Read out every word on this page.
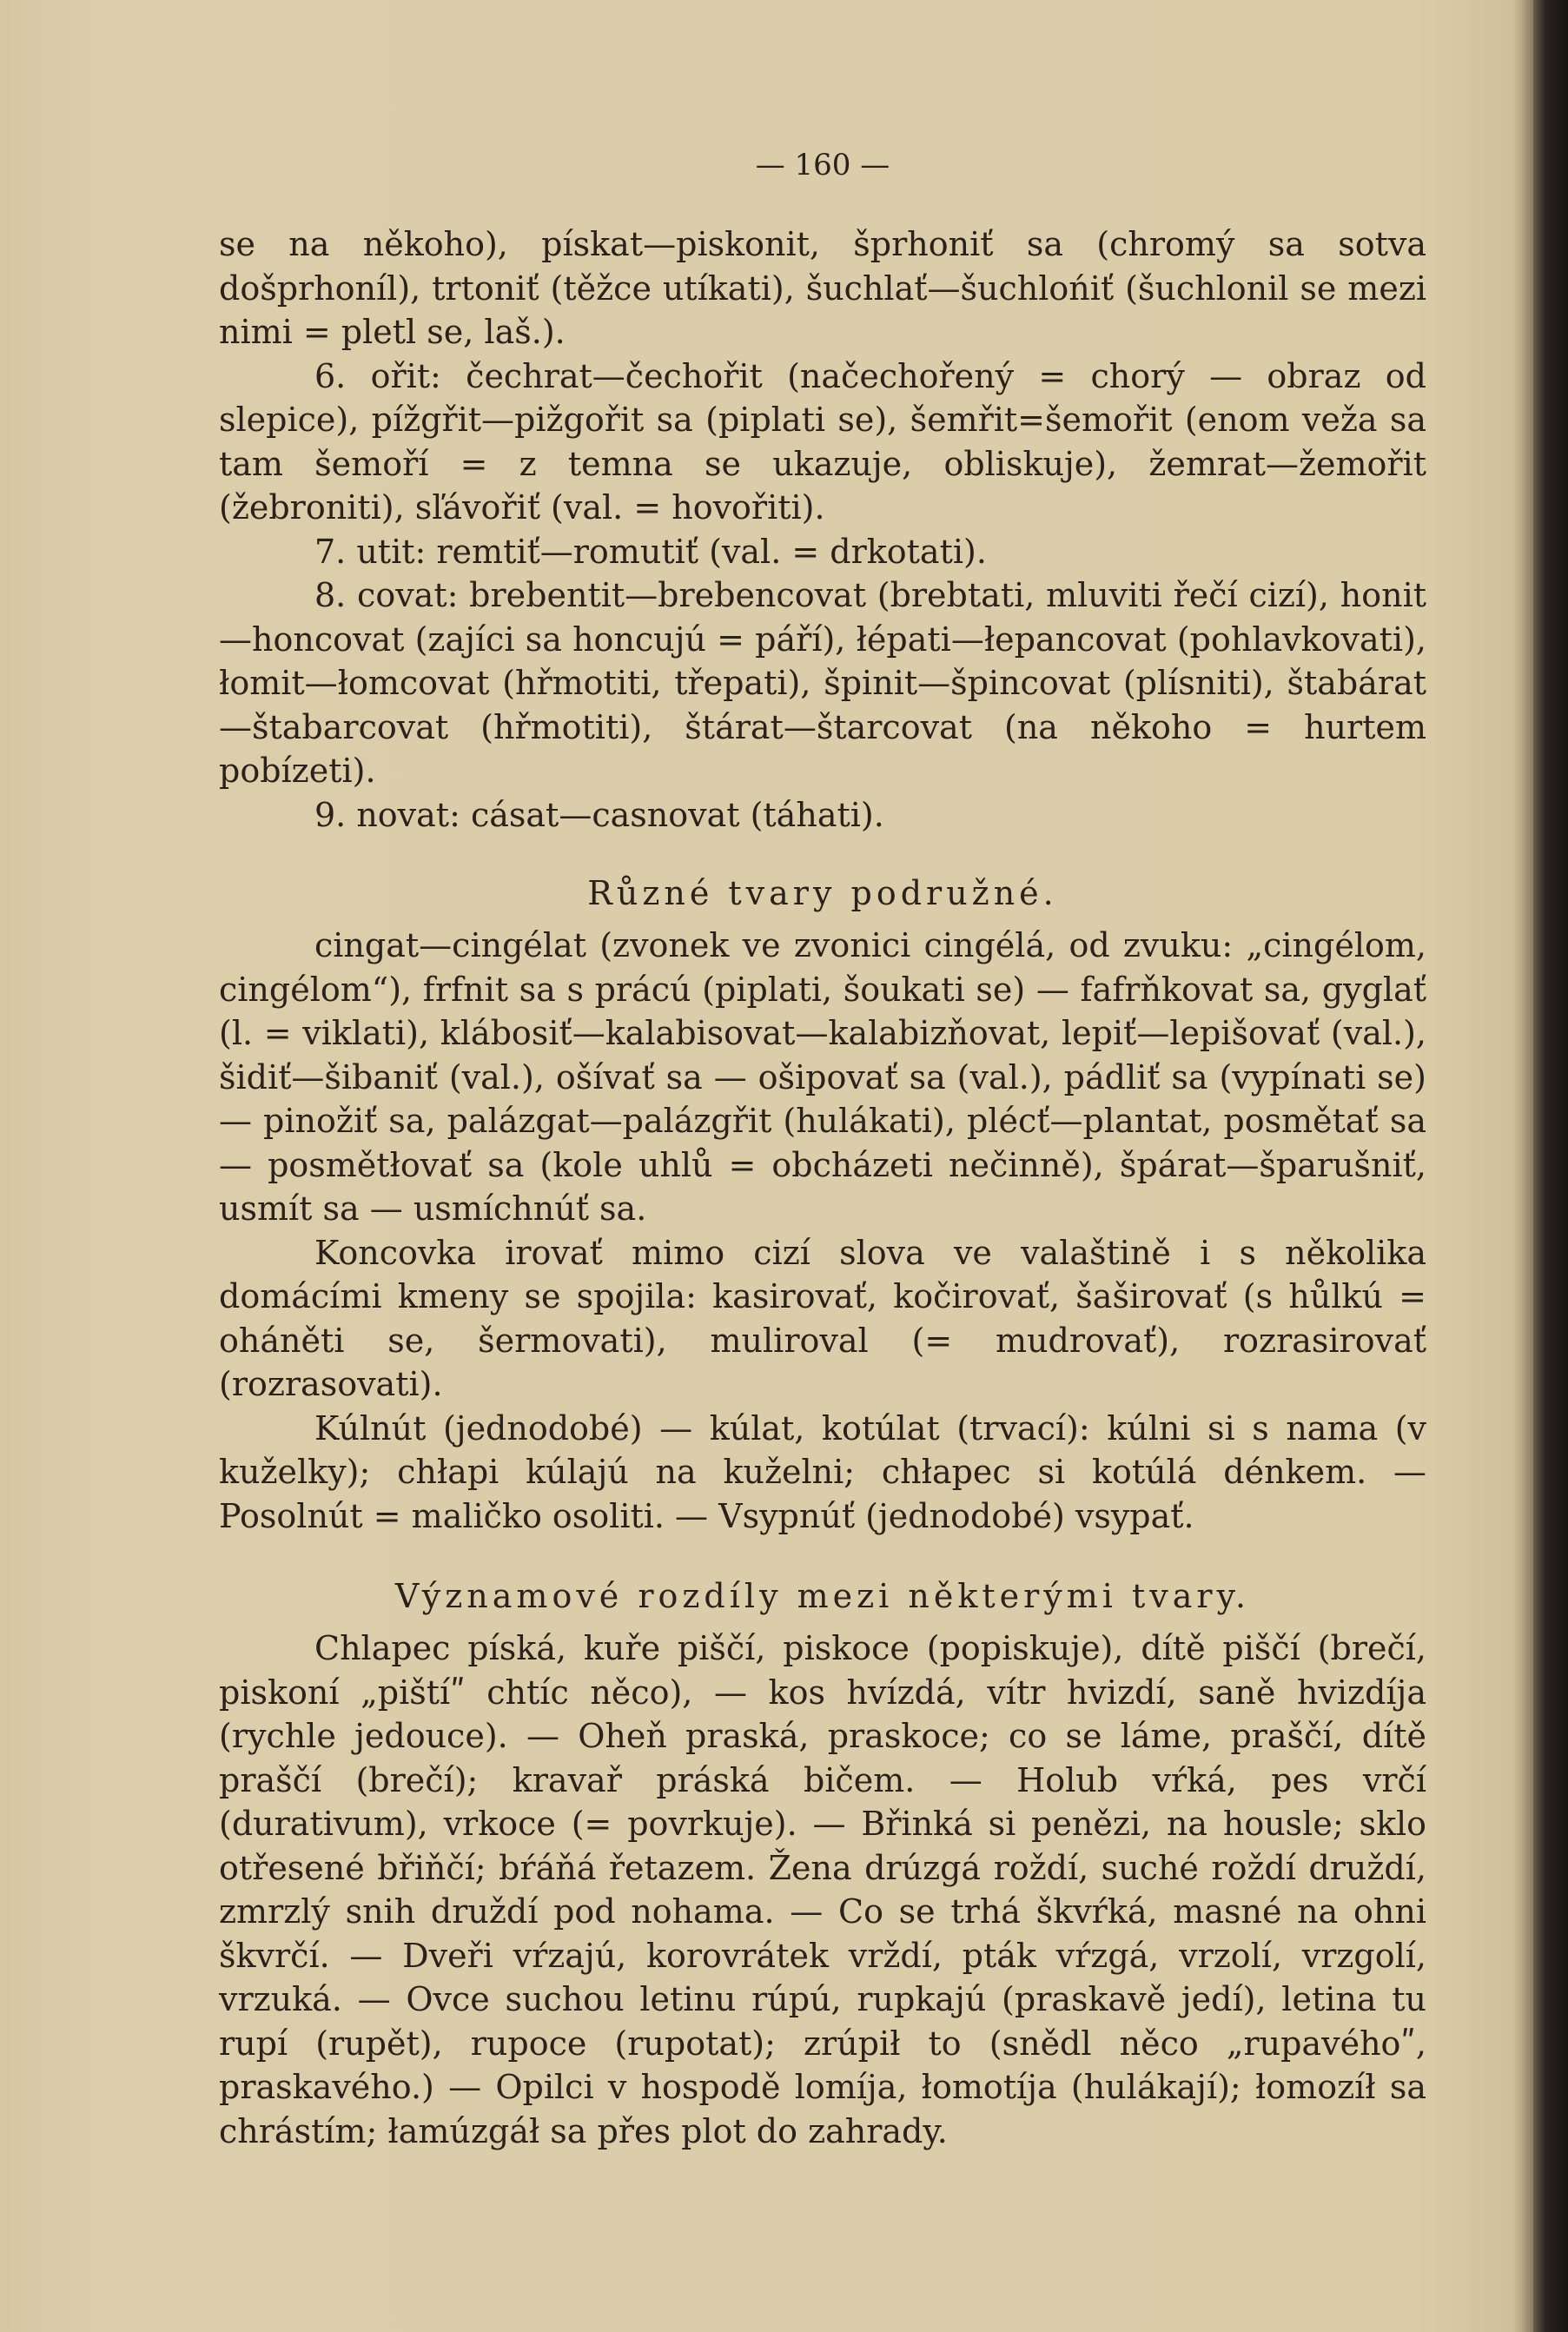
— 160 —

se na někoho), pískat—piskonit, šprhoniť sa (chromý sa sotva došprhoníl), trtoniť (těžce utíkati), šuchlať—šuchlońiť (šuchlonil se mezi nimi = pletl se, laš.).

6. ořit: čechrat—čechořit (načechořený = chorý — obraz od slepice), pížgřit—pižgořit sa (piplati se), šemřit=šemořit (enom veža sa tam šemoří = z temna se ukazuje, obliskuje), žemrat—žemořit (žebroniti), sľávořiť (val. = hovořiti).

7. utit: remtiť—romutiť (val. = drkotati).

8. covat: brebentit—brebencovat (brebtati, mluviti řečí cizí), honit—honcovat (zajíci sa honcujú = páří), łépati—łepancovat (pohlavkovati), łomit—łomcovat (hřmotiti, třepati), špinit—špincovat (plísniti), štabárat—štabarcovat (hřmotiti), štárat—štarcovat (na někoho = hurtem pobízeti).

9. novat: cásat—casnovat (táhati).

Různé tvary podružné.

cingat—cingélat (zvonek ve zvonici cingélá, od zvuku: „cingélom, cingélom“), frfnit sa s prácú (piplati, šoukati se) — fafrňkovat sa, gyglať (l. = viklati), klábosiť—kalabisovat—kalabizňovat, lepiť—lepišovať (val.), šidiť—šibaniť (val.), ošívať sa — ošipovať sa (val.), pádliť sa (vypínati se) — pinožiť sa, palázgat—palázgřit (hulákati), plécť—plantat, posmětať sa — posmětłovať sa (kole uhlů = obcházeti nečinně), špárat—šparušniť, usmít sa — usmíchnúť sa.

Koncovka irovať mimo cizí slova ve valaštině i s několika domácími kmeny se spojila: kasirovať, kočirovať, šaširovať (s hůlkú = oháněti se, šermovati), muliroval (= mudrovať), rozrasirovať (rozrasovati).

Kúlnút (jednodobé) — kúlat, kotúlat (trvací): kúlni si s nama (v kuželky); chłapi kúlajú na kuželni; chłapec si kotúlá dénkem. — Posolnút = maličko osoliti. — Vsypnúť (jednodobé) vsypať.

Významové rozdíly mezi některými tvary.

Chlapec píská, kuře piščí, piskoce (popiskuje), dítě piščí (brečí, piskoní „pištíʺ chtíc něco), — kos hvízdá, vítr hvizdí, saně hvizdíja (rychle jedouce). — Oheň praská, praskoce; co se láme, praščí, dítě praščí (brečí); kravař práská bičem. — Holub vŕká, pes vrčí (durativum), vrkoce (= povrkuje). — Břinká si penězi, na housle; sklo otřesené břiňčí; bŕáňá řetazem. Žena drúzgá roždí, suché roždí druždí, zmrzlý snih druždí pod nohama. — Co se trhá škvŕká, masné na ohni škvrčí. — Dveři vŕzajú, korovrátek vrždí, pták vŕzgá, vrzolí, vrzgolí, vrzuká. — Ovce suchou letinu rúpú, rupkajú (praskavě jedí), letina tu rupí (rupět), rupoce (rupotat); zrúpił to (snědl něco „rupavéhoʺ, praskavého.) — Opilci v hospodě lomíja, łomotíja (hulákají); łomozíł sa chrástím; łamúzgáł sa přes plot do zahrady.
